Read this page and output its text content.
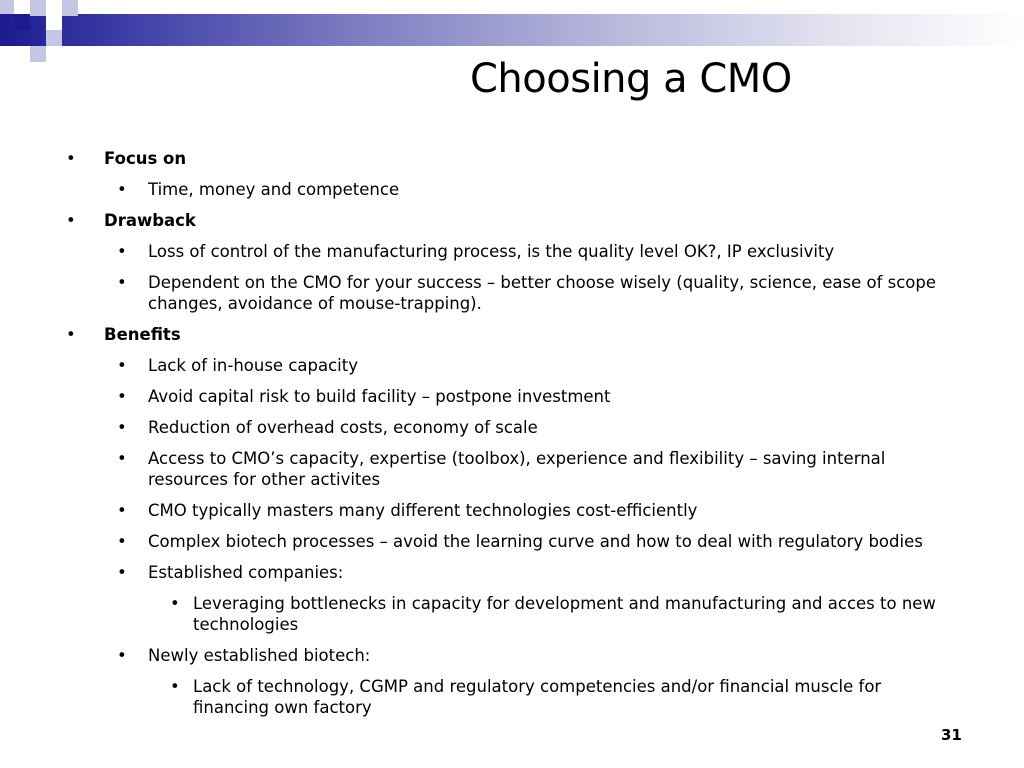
Choosing a CMO
• Focus on
• Time, money and competence
• Drawback
• Loss of control of the manufacturing process, is the quality level OK?, IP exclusivity
• Dependent on the CMO for your success – better choose wisely (quality, science, ease of scope changes, avoidance of mouse-trapping).
• Benefits
• Lack of in-house capacity
• Avoid capital risk to build facility – postpone investment
• Reduction of overhead costs, economy of scale
• Access to CMO’s capacity, expertise (toolbox), experience and flexibility – saving internal resources for other activites
• CMO typically masters many different technologies cost-efficiently
• Complex biotech processes – avoid the learning curve and how to deal with regulatory bodies
• Established companies:
• Leveraging bottlenecks in capacity for development and manufacturing and acces to new technologies
• Newly established biotech:
• Lack of technology, CGMP and regulatory competencies and/or financial muscle for financing own factory
31
